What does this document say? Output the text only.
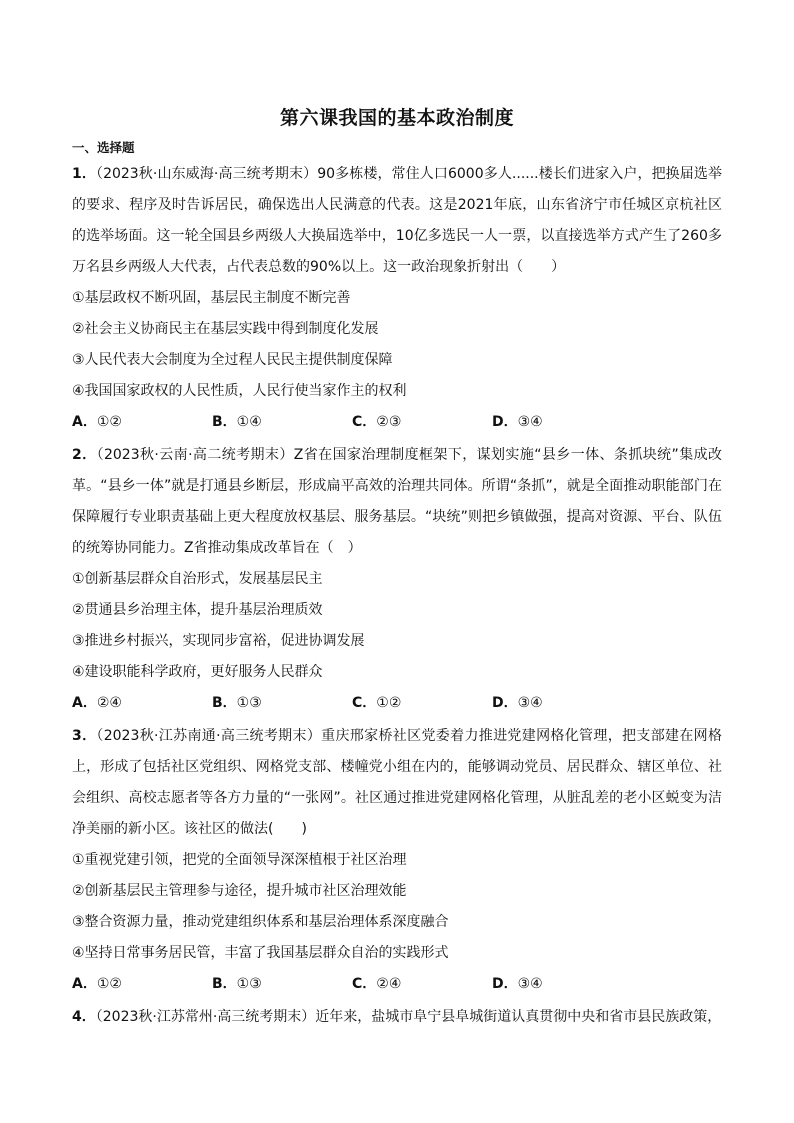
第六课我国的基本政治制度
一、选择题

1．（2023秋·山东威海·高三统考期末）90多栋楼，常住人口6000多人......楼长们进家入户，把换届选举的要求、程序及时告诉居民，确保选出人民满意的代表。这是2021年底，山东省济宁市任城区京杭社区的选举场面。这一轮全国县乡两级人大换届选举中，10亿多选民一人一票，以直接选举方式产生了260多万名县乡两级人大代表，占代表总数的90%以上。这一政治现象折射出（　　）

①基层政权不断巩固，基层民主制度不断完善

②社会主义协商民主在基层实践中得到制度化发展

③人民代表大会制度为全过程人民民主提供制度保障

④我国国家政权的人民性质，人民行使当家作主的权利

A．①②	B．①④	C．②③	D．③④

2．（2023秋·云南·高二统考期末）Z省在国家治理制度框架下，谋划实施“县乡一体、条抓块统”集成改革。“县乡一体”就是打通县乡断层，形成扁平高效的治理共同体。所谓“条抓”，就是全面推动职能部门在保障履行专业职责基础上更大程度放权基层、服务基层。“块统”则把乡镇做强，提高对资源、平台、队伍的统筹协同能力。Z省推动集成改革旨在（　）

①创新基层群众自治形式，发展基层民主

②贯通县乡治理主体，提升基层治理质效

③推进乡村振兴，实现同步富裕，促进协调发展

④建设职能科学政府，更好服务人民群众

A．②④	B．①③	C．①②	D．③④

3．（2023秋·江苏南通·高三统考期末）重庆邢家桥社区党委着力推进党建网格化管理，把支部建在网格上，形成了包括社区党组织、网格党支部、楼幢党小组在内的，能够调动党员、居民群众、辖区单位、社会组织、高校志愿者等各方力量的“一张网”。社区通过推进党建网格化管理，从脏乱差的老小区蜕变为洁净美丽的新小区。该社区的做法(　　)

①重视党建引领，把党的全面领导深深植根于社区治理

②创新基层民主管理参与途径，提升城市社区治理效能

③整合资源力量，推动党建组织体系和基层治理体系深度融合

④坚持日常事务居民管，丰富了我国基层群众自治的实践形式

A．①②	B．①③	C．②④	D．③④

4．（2023秋·江苏常州·高三统考期末）近年来，盐城市阜宁县阜城街道认真贯彻中央和省市县民族政策，
